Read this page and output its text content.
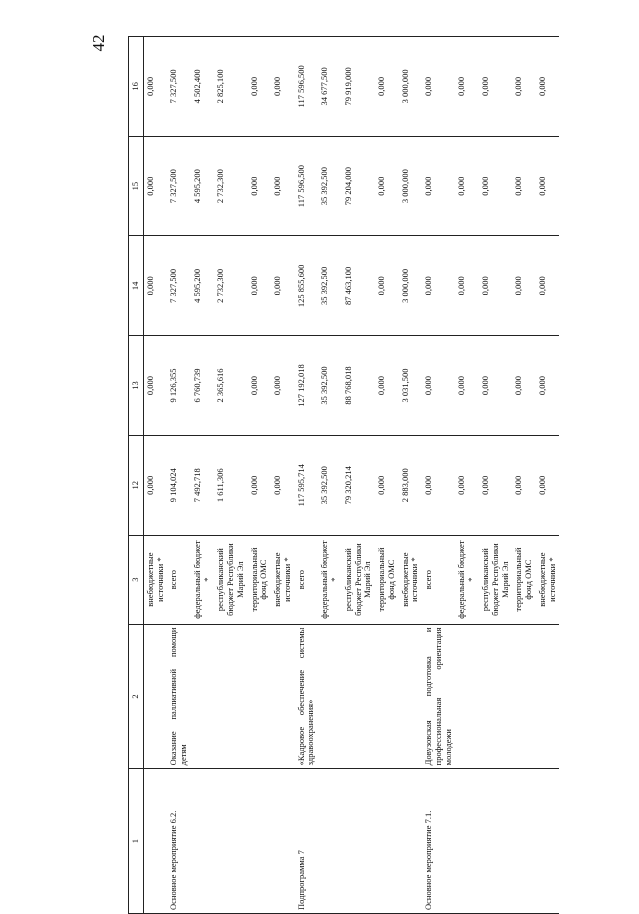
42
1	2	3	12	13	14	15	16
		внебюджетные источники *	0,000	0,000	0,000	0,000	0,000
Основное мероприятие 6.2.	Оказание паллиативной помощи детям	всего	9 104,024	9 126,355	7 327,500	7 327,500	7 327,500
		федеральный бюджет *	7 492,718	6 760,739	4 595,200	4 595,200	4 502,400
		республиканский бюджет Республики Марий Эл	1 611,306	2 365,616	2 732,300	2 732,300	2 825,100
		территориальный фонд ОМС	0,000	0,000	0,000	0,000	0,000
		внебюджетные источники *	0,000	0,000	0,000	0,000	0,000
Подпрограмма 7	«Кадровое обеспечение системы здравоохранения»	всего	117 595,714	127 192,018	125 855,600	117 596,500	117 596,500
		федеральный бюджет *	35 392,500	35 392,500	35 392,500	35 392,500	34 677,500
		республиканский бюджет Республики Марий Эл	79 320,214	88 768,018	87 463,100	79 204,000	79 919,000
		территориальный фонд ОМС	0,000	0,000	0,000	0,000	0,000
		внебюджетные источники *	2 883,000	3 031,500	3 000,000	3 000,000	3 000,000
Основное мероприятие 7.1.	Довузовская подготовка и профессиональная ориентация молодежи	всего	0,000	0,000	0,000	0,000	0,000
		федеральный бюджет *	0,000	0,000	0,000	0,000	0,000
		республиканский бюджет Республики Марий Эл	0,000	0,000	0,000	0,000	0,000
		территориальный фонд ОМС	0,000	0,000	0,000	0,000	0,000
		внебюджетные источники *	0,000	0,000	0,000	0,000	0,000
